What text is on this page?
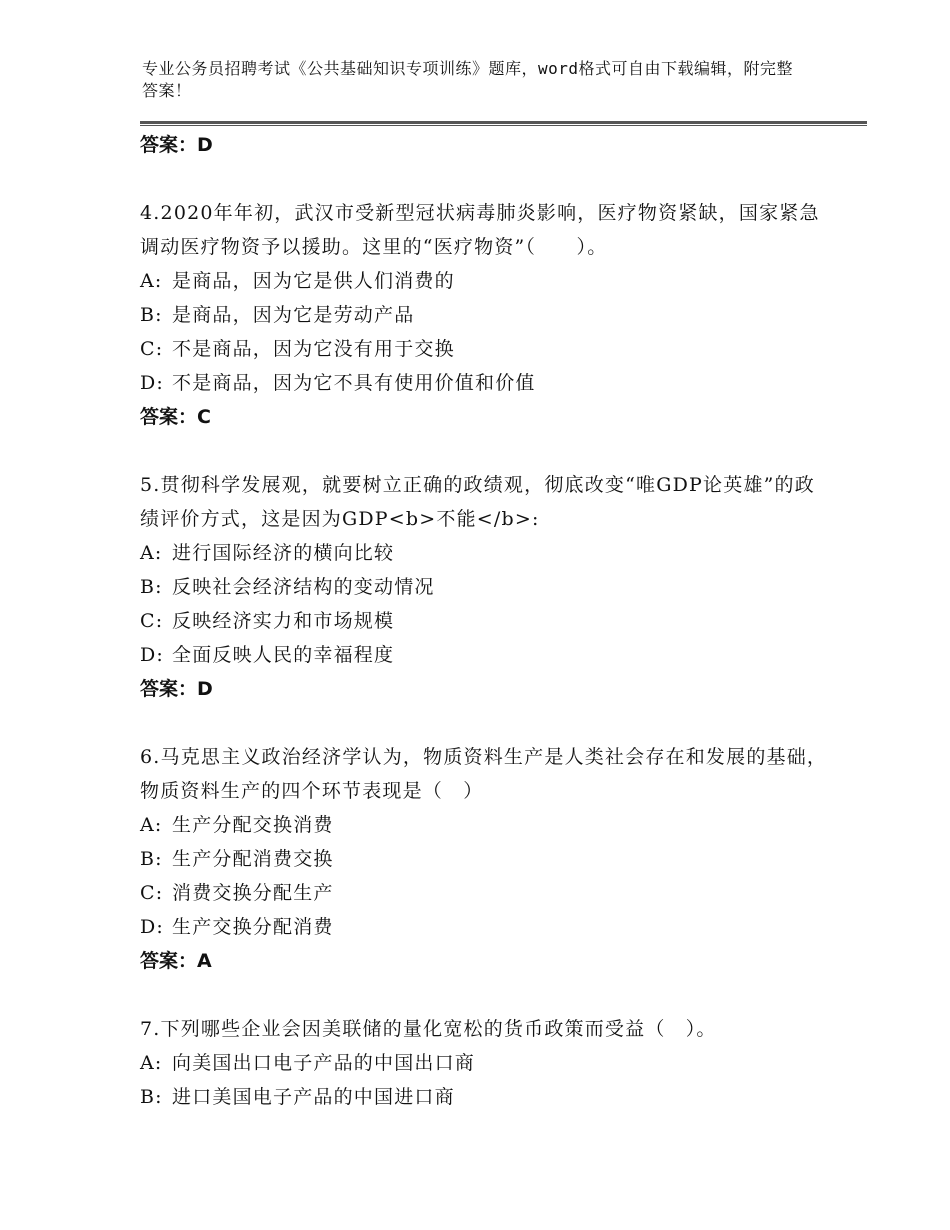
专业公务员招聘考试《公共基础知识专项训练》题库，word格式可自由下载编辑，附完整答案！
答案：D
4.2020年年初，武汉市受新型冠状病毒肺炎影响，医疗物资紧缺，国家紧急调动医疗物资予以援助。这里的“医疗物资”（　　）。
A: 是商品，因为它是供人们消费的
B: 是商品，因为它是劳动产品
C: 不是商品，因为它没有用于交换
D: 不是商品，因为它不具有使用价值和价值
答案：C
5.贯彻科学发展观，就要树立正确的政绩观，彻底改变“唯GDP论英雄”的政绩评价方式，这是因为GDP<b>不能</b>:
A: 进行国际经济的横向比较
B: 反映社会经济结构的变动情况
C: 反映经济实力和市场规模
D: 全面反映人民的幸福程度
答案：D
6.马克思主义政治经济学认为，物质资料生产是人类社会存在和发展的基础，物质资料生产的四个环节表现是（　）
A: 生产分配交换消费
B: 生产分配消费交换
C: 消费交换分配生产
D: 生产交换分配消费
答案：A
7.下列哪些企业会因美联储的量化宽松的货币政策而受益（　）。
A: 向美国出口电子产品的中国出口商
B: 进口美国电子产品的中国进口商
